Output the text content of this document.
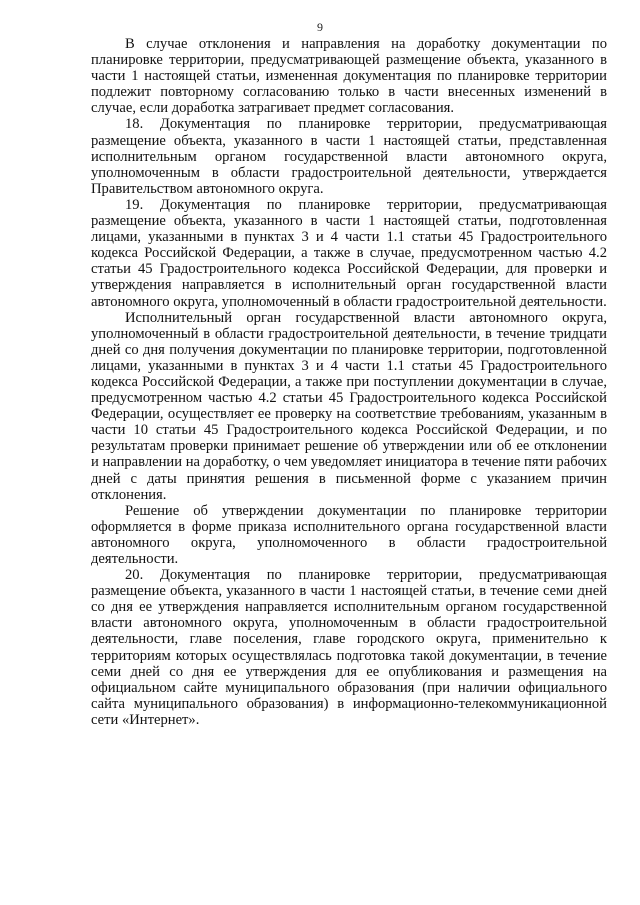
9

В случае отклонения и направления на доработку документации по планировке территории, предусматривающей размещение объекта, указанного в части 1 настоящей статьи, измененная документация по планировке территории подлежит повторному согласованию только в части внесенных изменений в случае, если доработка затрагивает предмет согласования.

18. Документация по планировке территории, предусматривающая размещение объекта, указанного в части 1 настоящей статьи, представленная исполнительным органом государственной власти автономного округа, уполномоченным в области градостроительной деятельности, утверждается Правительством автономного округа.

19. Документация по планировке территории, предусматривающая размещение объекта, указанного в части 1 настоящей статьи, подготовленная лицами, указанными в пунктах 3 и 4 части 1.1 статьи 45 Градостроительного кодекса Российской Федерации, а также в случае, предусмотренном частью 4.2 статьи 45 Градостроительного кодекса Российской Федерации, для проверки и утверждения направляется в исполнительный орган государственной власти автономного округа, уполномоченный в области градостроительной деятельности.

Исполнительный орган государственной власти автономного округа, уполномоченный в области градостроительной деятельности, в течение тридцати дней со дня получения документации по планировке территории, подготовленной лицами, указанными в пунктах 3 и 4 части 1.1 статьи 45 Градостроительного кодекса Российской Федерации, а также при поступлении документации в случае, предусмотренном частью 4.2 статьи 45 Градостроительного кодекса Российской Федерации, осуществляет ее проверку на соответствие требованиям, указанным в части 10 статьи 45 Градостроительного кодекса Российской Федерации, и по результатам проверки принимает решение об утверждении или об ее отклонении и направлении на доработку, о чем уведомляет инициатора в течение пяти рабочих дней с даты принятия решения в письменной форме с указанием причин отклонения.

Решение об утверждении документации по планировке территории оформляется в форме приказа исполнительного органа государственной власти автономного округа, уполномоченного в области градостроительной деятельности.

20. Документация по планировке территории, предусматривающая размещение объекта, указанного в части 1 настоящей статьи, в течение семи дней со дня ее утверждения направляется исполнительным органом государственной власти автономного округа, уполномоченным в области градостроительной деятельности, главе поселения, главе городского округа, применительно к территориям которых осуществлялась подготовка такой документации, в течение семи дней со дня ее утверждения для ее опубликования и размещения на официальном сайте муниципального образования (при наличии официального сайта муниципального образования) в информационно-телекоммуникационной сети «Интернет».
